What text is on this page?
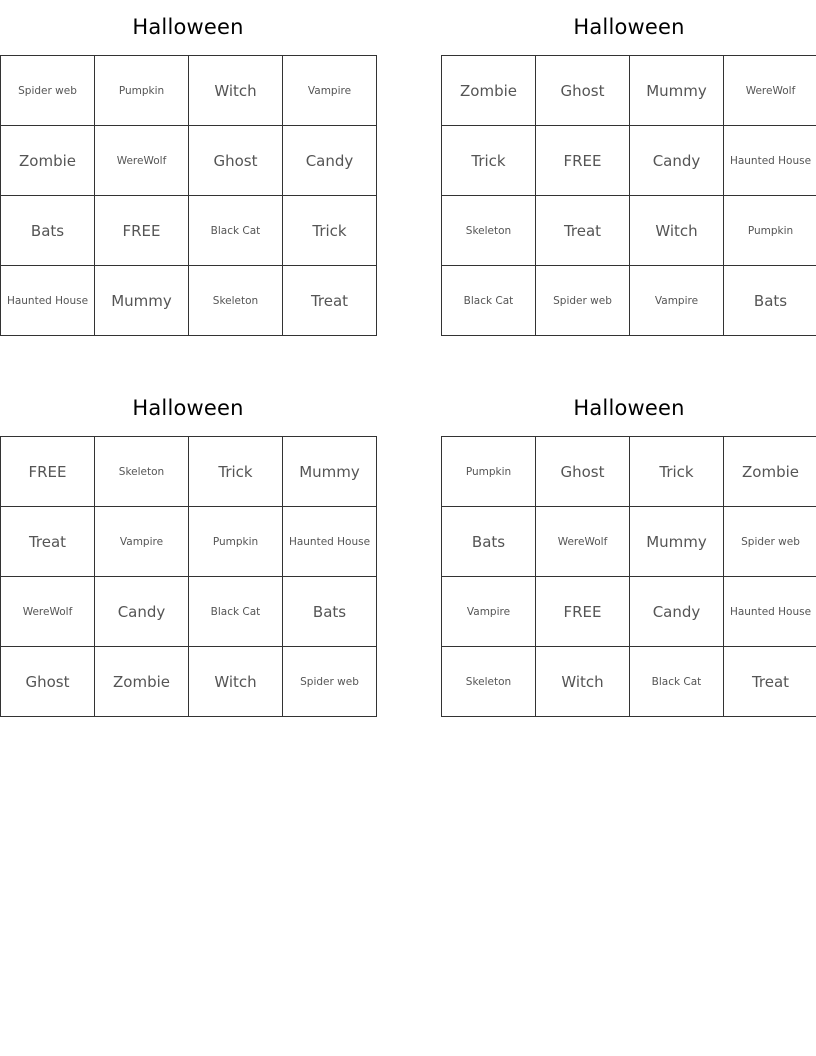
Halloween
Spider web	Pumpkin	Witch	Vampire
Zombie	WereWolf	Ghost	Candy
Bats	FREE	Black Cat	Trick
Haunted House	Mummy	Skeleton	Treat
Halloween
Zombie	Ghost	Mummy	WereWolf
Trick	FREE	Candy	Haunted House
Skeleton	Treat	Witch	Pumpkin
Black Cat	Spider web	Vampire	Bats
Halloween
FREE	Skeleton	Trick	Mummy
Treat	Vampire	Pumpkin	Haunted House
WereWolf	Candy	Black Cat	Bats
Ghost	Zombie	Witch	Spider web
Halloween
Pumpkin	Ghost	Trick	Zombie
Bats	WereWolf	Mummy	Spider web
Vampire	FREE	Candy	Haunted House
Skeleton	Witch	Black Cat	Treat
